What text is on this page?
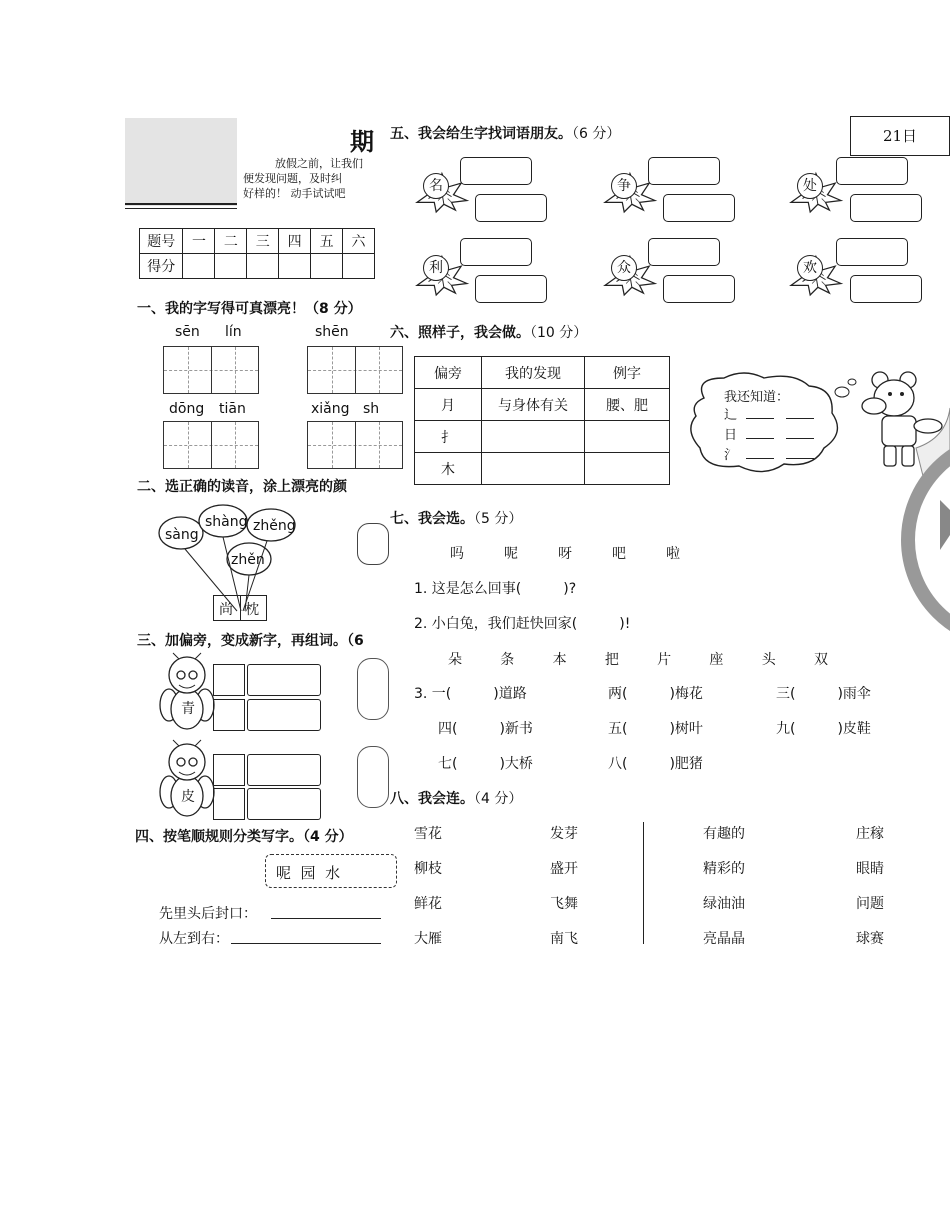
21日
期
放假之前，让我们
便发现问题，及时纠
好样的！ 动手试试吧
题号	一	二	三	四	五	六
得分						
一、我的字写得可真漂亮！（8 分）
sēn lín	shēn
dōng tiān	xiǎng sh
二、选正确的读音，涂上漂亮的颜
sàng
shàng zhěng
zhěn
尚 枕
三、加偏旁，变成新字，再组词。（6
青
皮
四、按笔顺规则分类写字。（4 分）
呢  园  水
先里头后封口：
从左到右：
五、我会给生字找词语朋友。（6 分）
名	争	处
利	众	欢
六、照样子，我会做。（10 分）
偏旁	我的发现	例字
月	与身体有关	腰、肥
扌		
木		
我还知道：
辶
日
氵
七、我会选。（5 分）
吗	呢	呀	吧	啦
1. 这是怎么回事(　　　)?
2. 小白兔，我们赶快回家(　　　)!
朵	条	本	把	片	座	头	双
3. 一(　　　)道路	两(　　　)梅花	三(　　　)雨伞
四(　　　)新书	五(　　　)树叶	九(　　　)皮鞋
七(　　　)大桥	八(　　　)肥猪
八、我会连。（4 分）
雪花
柳枝
鲜花
大雁
发芽
盛开
飞舞
南飞
有趣的
精彩的
绿油油
亮晶晶
庄稼
眼睛
问题
球赛
